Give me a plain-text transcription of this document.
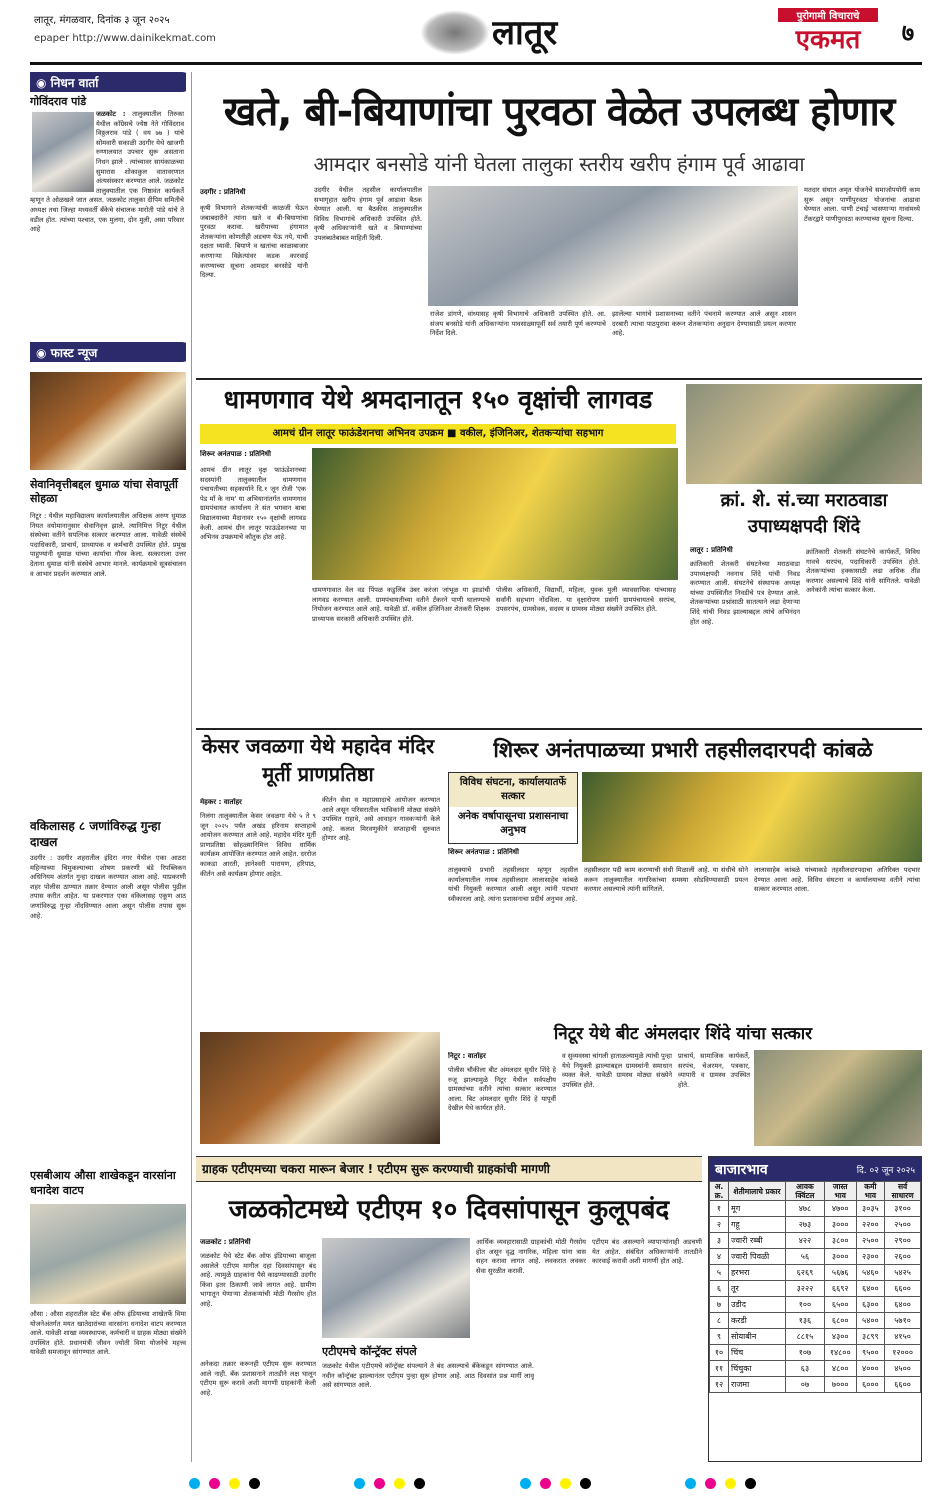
लातूर, मंगळवार, दिनांक ३ जून २०२५
epaper http://www.dainikekmat.com	लातूर	पुरोगामी विचाराचे
एकमत	७
◉ निधन वार्ता
गोविंदराव पांडे
जळकोट : तालुक्यातील तिरुका येथील काँग्रेसचे ज्येष्ठ नेते गोविंदराव विठ्ठलराव पांडे ( वय ७७ ) यांचे सोमवारी सकाळी उदगीर येथे खाजगी रुग्णालयात उपचार सुरू असताना निधन झाले . त्यांच्यावर सायंकाळच्या सुमारास शोकाकुल वातावरणात अंत्यसंस्कार करण्यात आले. जळकोट तालुक्यातील एक निष्ठावंत कार्यकर्ते म्हणून ते ओळखले जात असत. जळकोट तालुका दीपिम समितीचे अध्यक्ष तथा जिल्हा मध्यवर्ती बँकेचे संचालक मारोती पांडे यांचे ते वडील होत. त्यांच्या पश्चात, एक मुलगा, दोन मुली, असा परिवार आहे
◉ फास्ट न्यूज
सेवानिवृत्तीबद्दल धुमाळ यांचा सेवापूर्ती सोहळा
निटूर : येथील महाविद्यालय कार्यालयातील अधिक्षक अरुण धुमाळ नियत वयोमानानुसार सेवानिवृत्त झाले. त्यानिमित्त निटूर येथील संस्थेच्या वतीने सपत्निक सत्कार करण्यात आला. यावेळी संस्थेचे पदाधिकारी, प्राचार्य, प्राध्यापक व कर्मचारी उपस्थित होते. प्रमुख पाहुण्यांनी धुमाळ यांच्या कार्याचा गौरव केला. सत्काराला उत्तर देताना धुमाळ यांनी संस्थेचे आभार मानले. कार्यक्रमाचे सूत्रसंचालन व आभार प्रदर्शन करण्यात आले.
वकिलासह ८ जणांविरुद्ध गुन्हा दाखल
उदगीर : उदगीर शहरातील इंदिरा नगर येथील एका आठरा महिन्याच्या चिमुकल्याच्या शोषण प्रकरणी बंडे रिपब्लिकन अधिनियम अंतर्गत गुन्हा दाखल करण्यात आला आहे. याप्रकरणी शहर पोलीस ठाण्यात तक्रार देण्यात आली असून पोलीस पुढील तपास करीत आहेत. या प्रकरणात एका वकिलासह एकूण आठ जणांविरुद्ध गुन्हा नोंदविण्यात आला असून पोलीस तपास सुरू आहे.
एसबीआय औसा शाखेकडून वारसांना धनादेश वाटप
औसा : औसा शहरातील स्टेट बँक ऑफ इंडियाच्या शाखेतर्फे विमा योजनेअंतर्गत मयत खातेदारांच्या वारसांना धनादेश वाटप करण्यात आले. यावेळी शाखा व्यवस्थापक, कर्मचारी व ग्राहक मोठ्या संख्येने उपस्थित होते. प्रधानमंत्री जीवन ज्योती विमा योजनेचे महत्त्व यावेळी समजावून सांगण्यात आले.
खते, बी-बियाणांचा पुरवठा वेळेत उपलब्ध होणार
आमदार बनसोडे यांनी घेतला तालुका स्तरीय खरीप हंगाम पूर्व आढावा
उदगीर : प्रतिनिधी
कृषी विभागाने शेतकऱ्यांची काळजी घेऊन जबाबदारीने त्यांना खते व बी-बियाणांचा पुरवठा करावा. खरीपाच्या हंगामात शेतकऱ्यांना कोणतीही अडचण येऊ नये, याची दक्षता घ्यावी. बियाणे व खतांचा काळाबाजार करणाऱ्या विक्रेत्यांवर कडक कारवाई करण्याच्या सूचना आमदार बनसोडे यांनी दिल्या.
उदगीर येथील तहसील कार्यालयातील सभागृहात खरीप हंगाम पूर्व आढावा बैठक घेण्यात आली. या बैठकीस तालुक्यातील विविध विभागांचे अधिकारी उपस्थित होते. कृषी अधिकाऱ्यांनी खते व बियाण्यांच्या उपलब्धतेबाबत माहिती दिली.
राजेश डांगणे, वांध्यासह कृषी विभागाचे अधिकारी उपस्थित होते. आ. संजय बनसोडे यांनी अधिकाऱ्यांना पावसाळ्यापूर्वी सर्व तयारी पूर्ण करण्याचे निर्देश दिले.
झालेल्या भागांचे प्रशासनाच्या वतीने पंचनामे करण्यात आले असून शासन दरबारी त्याचा पाठपुरावा करून शेतकऱ्यांना अनुदान देण्यासाठी प्रयत्न करणार आहे.
मतदार संघात अमृत योजनेचे समाजोपयोगी काम सुरू असून पाणीपुरवठा योजनांचा आढावा घेण्यात आला. पाणी टंचाई भासणाऱ्या गावांमध्ये टँकरद्वारे पाणीपुरवठा करण्याच्या सूचना दिल्या.
धामणगाव येथे श्रमदानातून १५० वृक्षांची लागवड
आमचं ग्रीन लातूर फाऊंडेशनचा अभिनव उपक्रम ■ वकील, इंजिनिअर, शेतकऱ्यांचा सहभाग
शिरूर अनंतपाळ : प्रतिनिधी
आमचं ग्रीन लातूर वृक्ष फाऊंडेशनच्या सदस्यांनी तालुक्यातील धामणगाव पंचायतीच्या सहकार्याने दि.१ जून रोजी 'एक पेड माँ के नाम' या अभियानांतर्गत धामणगाव ग्रामपंचायत कार्यालय ते संत भगवान बाबा विद्यालयाच्या मैदानावर १५० वृक्षांची लागवड केली. आमचं ग्रीन लातूर फाऊंडेशनच्या या अभिनव उपक्रमाचे कौतुक होत आहे.
धामणगावात वेल वड पिंपळ कडुलिंब उंबर करंजा जांभूळ या झाडांची लागवड करण्यात आली. ग्रामपंचायतीच्या वतीने टँकरने पाणी घालण्याचे नियोजन करण्यात आले आहे. यावेळी डॉ. वकील इंजिनिअर शेतकरी शिक्षक प्राध्यापक सरकारी अधिकारी उपस्थित होते.
पोलीस अधिकारी, विद्यार्थी, महिला, युवक मुली व्यावसायिक यांच्यासह सर्वांनी सहभाग नोंदविला. या वृक्षारोपण प्रसंगी ग्रामपंचायतचे सरपंच, उपसरपंच, ग्रामसेवक, सदस्य व ग्रामस्थ मोठ्या संख्येने उपस्थित होते.
क्रां. शे. सं.च्या मराठवाडा उपाध्यक्षपदी शिंदे
लातूर : प्रतिनिधी
क्रांतिकारी शेतकरी संघटनेच्या मराठवाडा उपाध्यक्षपदी नवनाथ शिंदे यांची निवड करण्यात आली. संघटनेचे संस्थापक अध्यक्ष यांच्या उपस्थितीत निवडीचे पत्र देण्यात आले. शेतकऱ्यांच्या प्रश्नांसाठी सातत्याने लढा देणाऱ्या शिंदे यांची निवड झाल्याबद्दल त्यांचे अभिनंदन होत आहे.
क्रांतिकारी शेतकरी संघटनेचे कार्यकर्ते, विविध गावचे सरपंच, पदाधिकारी उपस्थित होते. शेतकऱ्यांच्या हक्कासाठी लढा अधिक तीव्र करणार असल्याचे शिंदे यांनी सांगितले. यावेळी अनेकांनी त्यांचा सत्कार केला.
केसर जवळगा येथे महादेव मंदिर मूर्ती प्राणप्रतिष्ठा
मेहकर : वार्ताहर
निलंगा तालुक्यातील केसर जवळगा येथे ५ ते ९ जून २०२५ पर्यंत अखंड हरिनाम सप्ताहाचे आयोजन करण्यात आले आहे. महादेव मंदिर मूर्ती प्राणप्रतिष्ठा सोहळ्यानिमित्त विविध धार्मिक कार्यक्रम आयोजित करण्यात आले आहेत. दररोज काकडा आरती, ज्ञानेश्वरी पारायण, हरिपाठ, कीर्तन असे कार्यक्रम होणार आहेत.
कीर्तन सेवा व महाप्रसादाचे आयोजन करण्यात आले असून परिसरातील भाविकांनी मोठ्या संख्येने उपस्थित राहावे, असे आवाहन गावकऱ्यांनी केले आहे. कलश मिरवणुकीने सप्ताहाची सुरुवात होणार आहे.
शिरूर अनंतपाळच्या प्रभारी तहसीलदारपदी कांबळे
विविध संघटना, कार्यालयातर्फे सत्कार
अनेक वर्षापासूनचा प्रशासनाचा अनुभव
शिरूर अनंतपाळ : प्रतिनिधी
तालुक्याचे प्रभारी तहसीलदार म्हणून तहसील कार्यालयातील नायब तहसीलदार लालासाहेब कांबळे यांची नियुक्ती करण्यात आली असून त्यांनी पदभार स्वीकारला आहे. त्यांना प्रशासनाचा प्रदीर्घ अनुभव आहे.
तहसीलदार पदी काम करण्याची संधी मिळाली आहे. या संधीचे सोने करून तालुक्यातील नागरिकांच्या समस्या सोडविण्यासाठी प्रयत्न करणार असल्याचे त्यांनी सांगितले.
लालासाहेब कांबळे यांच्याकडे तहसीलदारपदाचा अतिरिक्त पदभार देण्यात आला आहे. विविध संघटना व कार्यालयाच्या वतीने त्यांचा सत्कार करण्यात आला.
निटूर येथे बीट अंमलदार शिंदे यांचा सत्कार
निटूर : वार्ताहर
पोलीस चौकीला बीट अंमलदार सुधीर शिंदे हे रुजू झाल्यामुळे निटूर येथील सर्वपक्षीय ग्रामस्थांच्या वतीने त्यांचा सत्कार करण्यात आला. बिट अंमलदार सुधीर शिंदे हे यापूर्वी देखील येथे कार्यरत होते.
व सुव्यवस्था चांगली हाताळल्यामुळे त्यांची पुन्हा येथे नियुक्ती झाल्याबद्दल ग्रामस्थांनी समाधान व्यक्त केले. यावेळी ग्रामस्थ मोठ्या संख्येने उपस्थित होते.
प्राचार्य, सामाजिक कार्यकर्ते, सरपंच, चेअरमन, पत्रकार, व्यापारी व ग्रामस्थ उपस्थित होते.
ग्राहक एटीएमच्या चकरा मारून बेजार ! एटीएम सुरू करण्याची ग्राहकांची मागणी
जळकोटमध्ये एटीएम १० दिवसांपासून कुलूपबंद
जळकोट : प्रतिनिधी
जळकोट येथे स्टेट बँक ऑफ इंडियाच्या बाजूला असलेले एटीएम मागील दहा दिवसांपासून बंद आहे. त्यामुळे ग्राहकांना पैसे काढण्यासाठी उदगीर किंवा इतर ठिकाणी जावे लागत आहे. ग्रामीण भागातून येणाऱ्या शेतकऱ्यांची मोठी गैरसोय होत आहे.
अनेकदा तक्रार करूनही एटीएम सुरू करण्यात आले नाही. बँक प्रशासनाने तातडीने लक्ष घालून एटीएम सुरू करावे अशी मागणी ग्राहकांनी केली आहे.
एटीएमचे कॉन्ट्रॅक्ट संपले
जळकोट येथील एटीएमचे कॉन्ट्रॅक्ट संपल्याने ते बंद असल्याचे बँकेकडून सांगण्यात आले. नवीन कॉन्ट्रॅक्ट झाल्यानंतर एटीएम पुन्हा सुरू होणार आहे. आठ दिवसांत प्रश्न मार्गी लावू असे सांगण्यात आले.
आर्थिक व्यवहारासाठी ग्राहकांची मोठी गैरसोय होत असून वृद्ध नागरिक, महिला यांना त्रास सहन करावा लागत आहे. लवकरात लवकर सेवा सुरळीत करावी.
एटीएम बंद असल्याने व्यापाऱ्यांनाही अडचणी येत आहेत. संबंधित अधिकाऱ्यांनी तातडीने कारवाई करावी अशी मागणी होत आहे.
बाजारभाव	दि. ०२ जून २०२५
अ. क्र.	शेतीमालाचे प्रकार	आवक क्विंटल	जास्त भाव	कमी भाव	सर्व साधारण
१	मूग	४७८	४७००	३०३५	३१००
२	गहू	२७३	३०००	२२००	२५००
३	ज्वारी रब्बी	४२२	३८००	२५००	२९००
४	ज्वारी पिवळी	५६	३०००	२३००	२६००
५	हरभरा	६२६९	५६७६	५४६०	५४२५
६	तूर	३२२२	६६९२	६४००	६६००
७	उडीद	१००	६५००	६३००	६४००
८	करडी	१३६	६८००	५४००	५७१०
९	सोयाबीन	८८१५	४३००	३८९९	४१५०
१०	चिंच	१०७	१४८००	९५००	१२०००
११	चिंचुका	६३	४८००	४०००	४५००
१२	राजमा	०७	७०००	६०००	६६००
